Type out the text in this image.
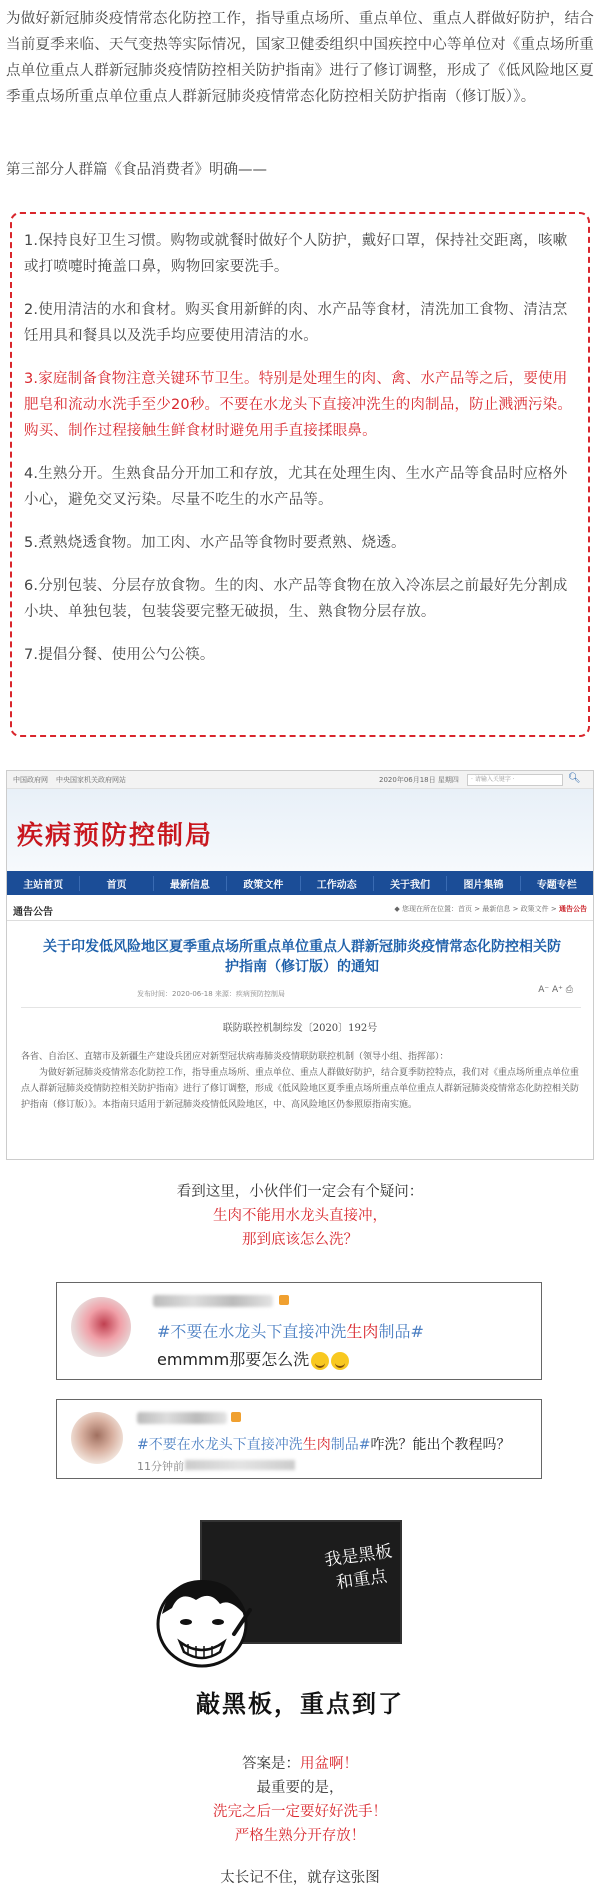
为做好新冠肺炎疫情常态化防控工作，指导重点场所、重点单位、重点人群做好防护，结合当前夏季来临、天气变热等实际情况，国家卫健委组织中国疾控中心等单位对《重点场所重点单位重点人群新冠肺炎疫情防控相关防护指南》进行了修订调整，形成了《低风险地区夏季重点场所重点单位重点人群新冠肺炎疫情常态化防控相关防护指南（修订版）》。
第三部分人群篇《食品消费者》明确——

1.保持良好卫生习惯。购物或就餐时做好个人防护，戴好口罩，保持社交距离，咳嗽或打喷嚏时掩盖口鼻，购物回家要洗手。

2.使用清洁的水和食材。购买食用新鲜的肉、水产品等食材，清洗加工食物、清洁烹饪用具和餐具以及洗手均应要使用清洁的水。

3.家庭制备食物注意关键环节卫生。特别是处理生的肉、禽、水产品等之后，要使用肥皂和流动水洗手至少20秒。不要在水龙头下直接冲洗生的肉制品，防止溅洒污染。购买、制作过程接触生鲜食材时避免用手直接揉眼鼻。

4.生熟分开。生熟食品分开加工和存放，尤其在处理生肉、生水产品等食品时应格外小心，避免交叉污染。尽量不吃生的水产品等。

5.煮熟烧透食物。加工肉、水产品等食物时要煮熟、烧透。

6.分别包装、分层存放食物。生的肉、水产品等食物在放入冷冻层之前最好先分割成小块、单独包装，包装袋要完整无破损，生、熟食物分层存放。

7.提倡分餐、使用公勺公筷。

中国政府网 中央国家机关政府网站	2020年06月18日 星期四	· 请输入关键字 ·	🔍︎
疾病预防控制局
主站首页	首页	最新信息	政策文件	工作动态	关于我们	图片集锦	专题专栏
通告公告	◆ 您现在所在位置：首页 > 最新信息 > 政策文件 > 通告公告
关于印发低风险地区夏季重点场所重点单位重点人群新冠肺炎疫情常态化防控相关防护指南（修订版）的通知
发布时间：2020-06-18 来源：疾病预防控制局	A⁻ A⁺ ⎙
联防联控机制综发〔2020〕192号
各省、自治区、直辖市及新疆生产建设兵团应对新型冠状病毒肺炎疫情联防联控机制（领导小组、指挥部）：
　　为做好新冠肺炎疫情常态化防控工作，指导重点场所、重点单位、重点人群做好防护，结合夏季防控特点，我们对《重点场所重点单位重点人群新冠肺炎疫情防控相关防护指南》进行了修订调整，形成《低风险地区夏季重点场所重点单位重点人群新冠肺炎疫情常态化防控相关防护指南（修订版）》。本指南只适用于新冠肺炎疫情低风险地区，中、高风险地区仍参照原指南实施。
看到这里，小伙伴们一定会有个疑问：
生肉不能用水龙头直接冲，
那到底该怎么洗？
#不要在水龙头下直接冲洗生肉制品#
emmmm那要怎么洗
#不要在水龙头下直接冲洗生肉制品#咋洗？能出个教程吗？
11分钟前
我是黑板和重点
敲黑板，重点到了
答案是：用盆啊！
最重要的是，
洗完之后一定要好好洗手！
严格生熟分开存放！
太长记不住，就存这张图
